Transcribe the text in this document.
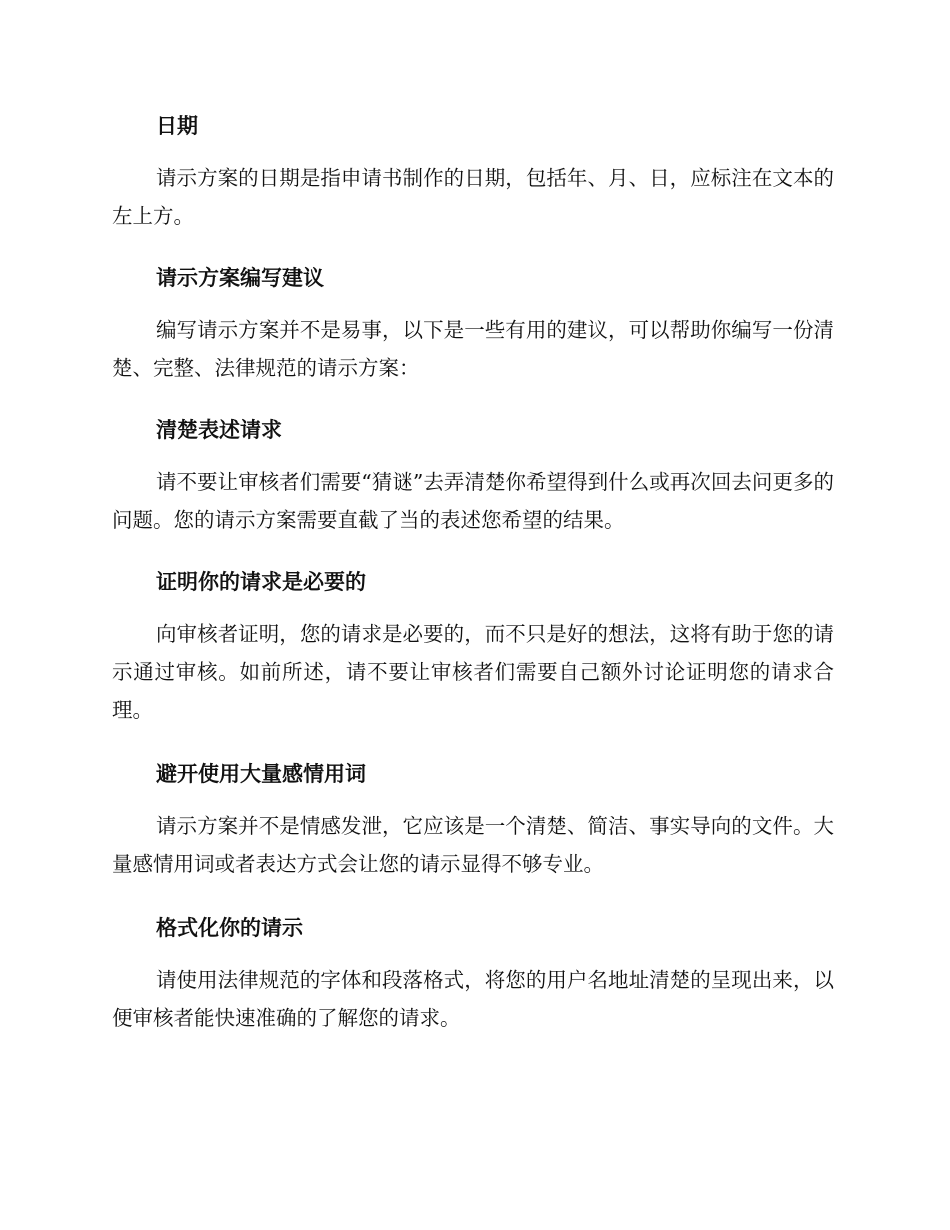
日期

请示方案的日期是指申请书制作的日期，包括年、月、日，应标注在文本的左上方。

请示方案编写建议

编写请示方案并不是易事，以下是一些有用的建议，可以帮助你编写一份清楚、完整、法律规范的请示方案：

清楚表述请求

请不要让审核者们需要“猜谜”去弄清楚你希望得到什么或再次回去问更多的问题。您的请示方案需要直截了当的表述您希望的结果。

证明你的请求是必要的

向审核者证明，您的请求是必要的，而不只是好的想法，这将有助于您的请示通过审核。如前所述，请不要让审核者们需要自己额外讨论证明您的请求合理。

避开使用大量感情用词

请示方案并不是情感发泄，它应该是一个清楚、简洁、事实导向的文件。大量感情用词或者表达方式会让您的请示显得不够专业。

格式化你的请示

请使用法律规范的字体和段落格式，将您的用户名地址清楚的呈现出来，以便审核者能快速准确的了解您的请求。
